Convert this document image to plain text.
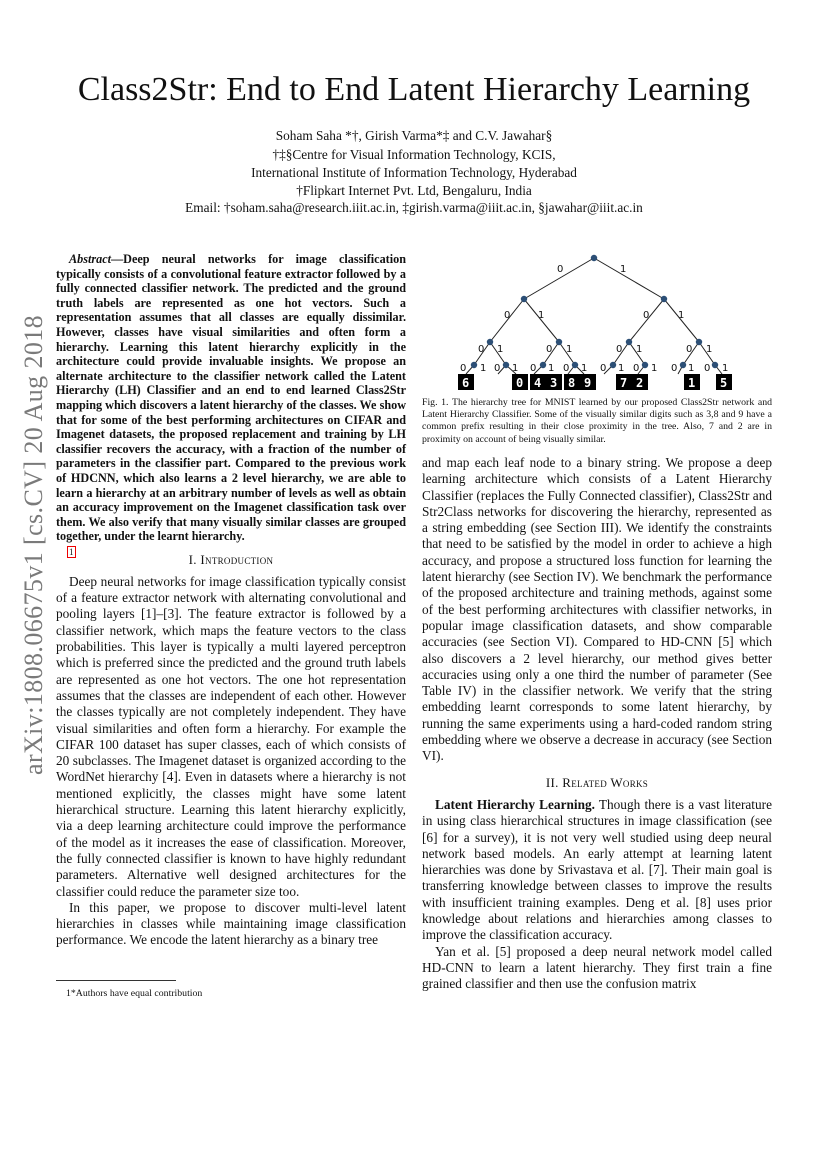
Class2Str: End to End Latent Hierarchy Learning
Soham Saha *†, Girish Varma*‡ and C.V. Jawahar§
†‡§Centre for Visual Information Technology, KCIS,
International Institute of Information Technology, Hyderabad
†Flipkart Internet Pvt. Ltd, Bengaluru, India
Email: †soham.saha@research.iiit.ac.in, ‡girish.varma@iiit.ac.in, §jawahar@iiit.ac.in
arXiv:1808.06675v1 [cs.CV] 20 Aug 2018

Abstract—Deep neural networks for image classification typically consists of a convolutional feature extractor followed by a fully connected classifier network. The predicted and the ground truth labels are represented as one hot vectors. Such a representation assumes that all classes are equally dissimilar. However, classes have visual similarities and often form a hierarchy. Learning this latent hierarchy explicitly in the architecture could provide invaluable insights. We propose an alternate architecture to the classifier network called the Latent Hierarchy (LH) Classifier and an end to end learned Class2Str mapping which discovers a latent hierarchy of the classes. We show that for some of the best performing architectures on CIFAR and Imagenet datasets, the proposed replacement and training by LH classifier recovers the accuracy, with a fraction of the number of parameters in the classifier part. Compared to the previous work of HDCNN, which also learns a 2 level hierarchy, we are able to learn a hierarchy at an arbitrary number of levels as well as obtain an accuracy improvement on the Imagenet classification task over them. We also verify that many visually similar classes are grouped together, under the learnt hierarchy.

1	I. Introduction

Deep neural networks for image classification typically consist of a feature extractor network with alternating convolutional and pooling layers [1]–[3]. The feature extractor is followed by a classifier network, which maps the feature vectors to the class probabilities. This layer is typically a multi layered perceptron which is preferred since the predicted and the ground truth labels are represented as one hot vectors. The one hot representation assumes that the classes are independent of each other. However the classes typically are not completely independent. They have visual similarities and often form a hierarchy. For example the CIFAR 100 dataset has super classes, each of which consists of 20 subclasses. The Imagenet dataset is organized according to the WordNet hierarchy [4]. Even in datasets where a hierarchy is not mentioned explicitly, the classes might have some latent hierarchical structure. Learning this latent hierarchy explicitly, via a deep learning architecture could improve the performance of the model as it increases the ease of classification. Moreover, the fully connected classifier is known to have highly redundant parameters. Alternative well designed architectures for the classifier could reduce the parameter size too.

In this paper, we propose to discover multi-level latent hierarchies in classes while maintaining image classification performance. We encode the latent hierarchy as a binary tree

1*Authors have equal contribution
0	1
0	1	0	1
0 1	0 1	0 1	0 1
0 1 0 1 0 1 0 1 0 1 0 1 0 1 0 1
6	0 4 3 8 9 7 2	1 5
Fig. 1. The hierarchy tree for MNIST learned by our proposed Class2Str network and Latent Hierarchy Classifier. Some of the visually similar digits such as 3,8 and 9 have a common prefix resulting in their close proximity in the tree. Also, 7 and 2 are in proximity on account of being visually similar.

and map each leaf node to a binary string. We propose a deep learning architecture which consists of a Latent Hierarchy Classifier (replaces the Fully Connected classifier), Class2Str and Str2Class networks for discovering the hierarchy, represented as a string embedding (see Section III). We identify the constraints that need to be satisfied by the model in order to achieve a high accuracy, and propose a structured loss function for learning the latent hierarchy (see Section IV). We benchmark the performance of the proposed architecture and training methods, against some of the best performing architectures with classifier networks, in popular image classification datasets, and show comparable accuracies (see Section VI). Compared to HD-CNN [5] which also discovers a 2 level hierarchy, our method gives better accuracies using only a one third the number of parameter (See Table IV) in the classifier network. We verify that the string embedding learnt corresponds to some latent hierarchy, by running the same experiments using a hard-coded random string embedding where we observe a decrease in accuracy (see Section VI).

II. Related Works

Latent Hierarchy Learning. Though there is a vast literature in using class hierarchical structures in image classification (see [6] for a survey), it is not very well studied using deep neural network based models. An early attempt at learning latent hierarchies was done by Srivastava et al. [7]. Their main goal is transferring knowledge between classes to improve the results with insufficient training examples. Deng et al. [8] uses prior knowledge about relations and hierarchies among classes to improve the classification accuracy.

Yan et al. [5] proposed a deep neural network model called HD-CNN to learn a latent hierarchy. They first train a fine grained classifier and then use the confusion matrix
